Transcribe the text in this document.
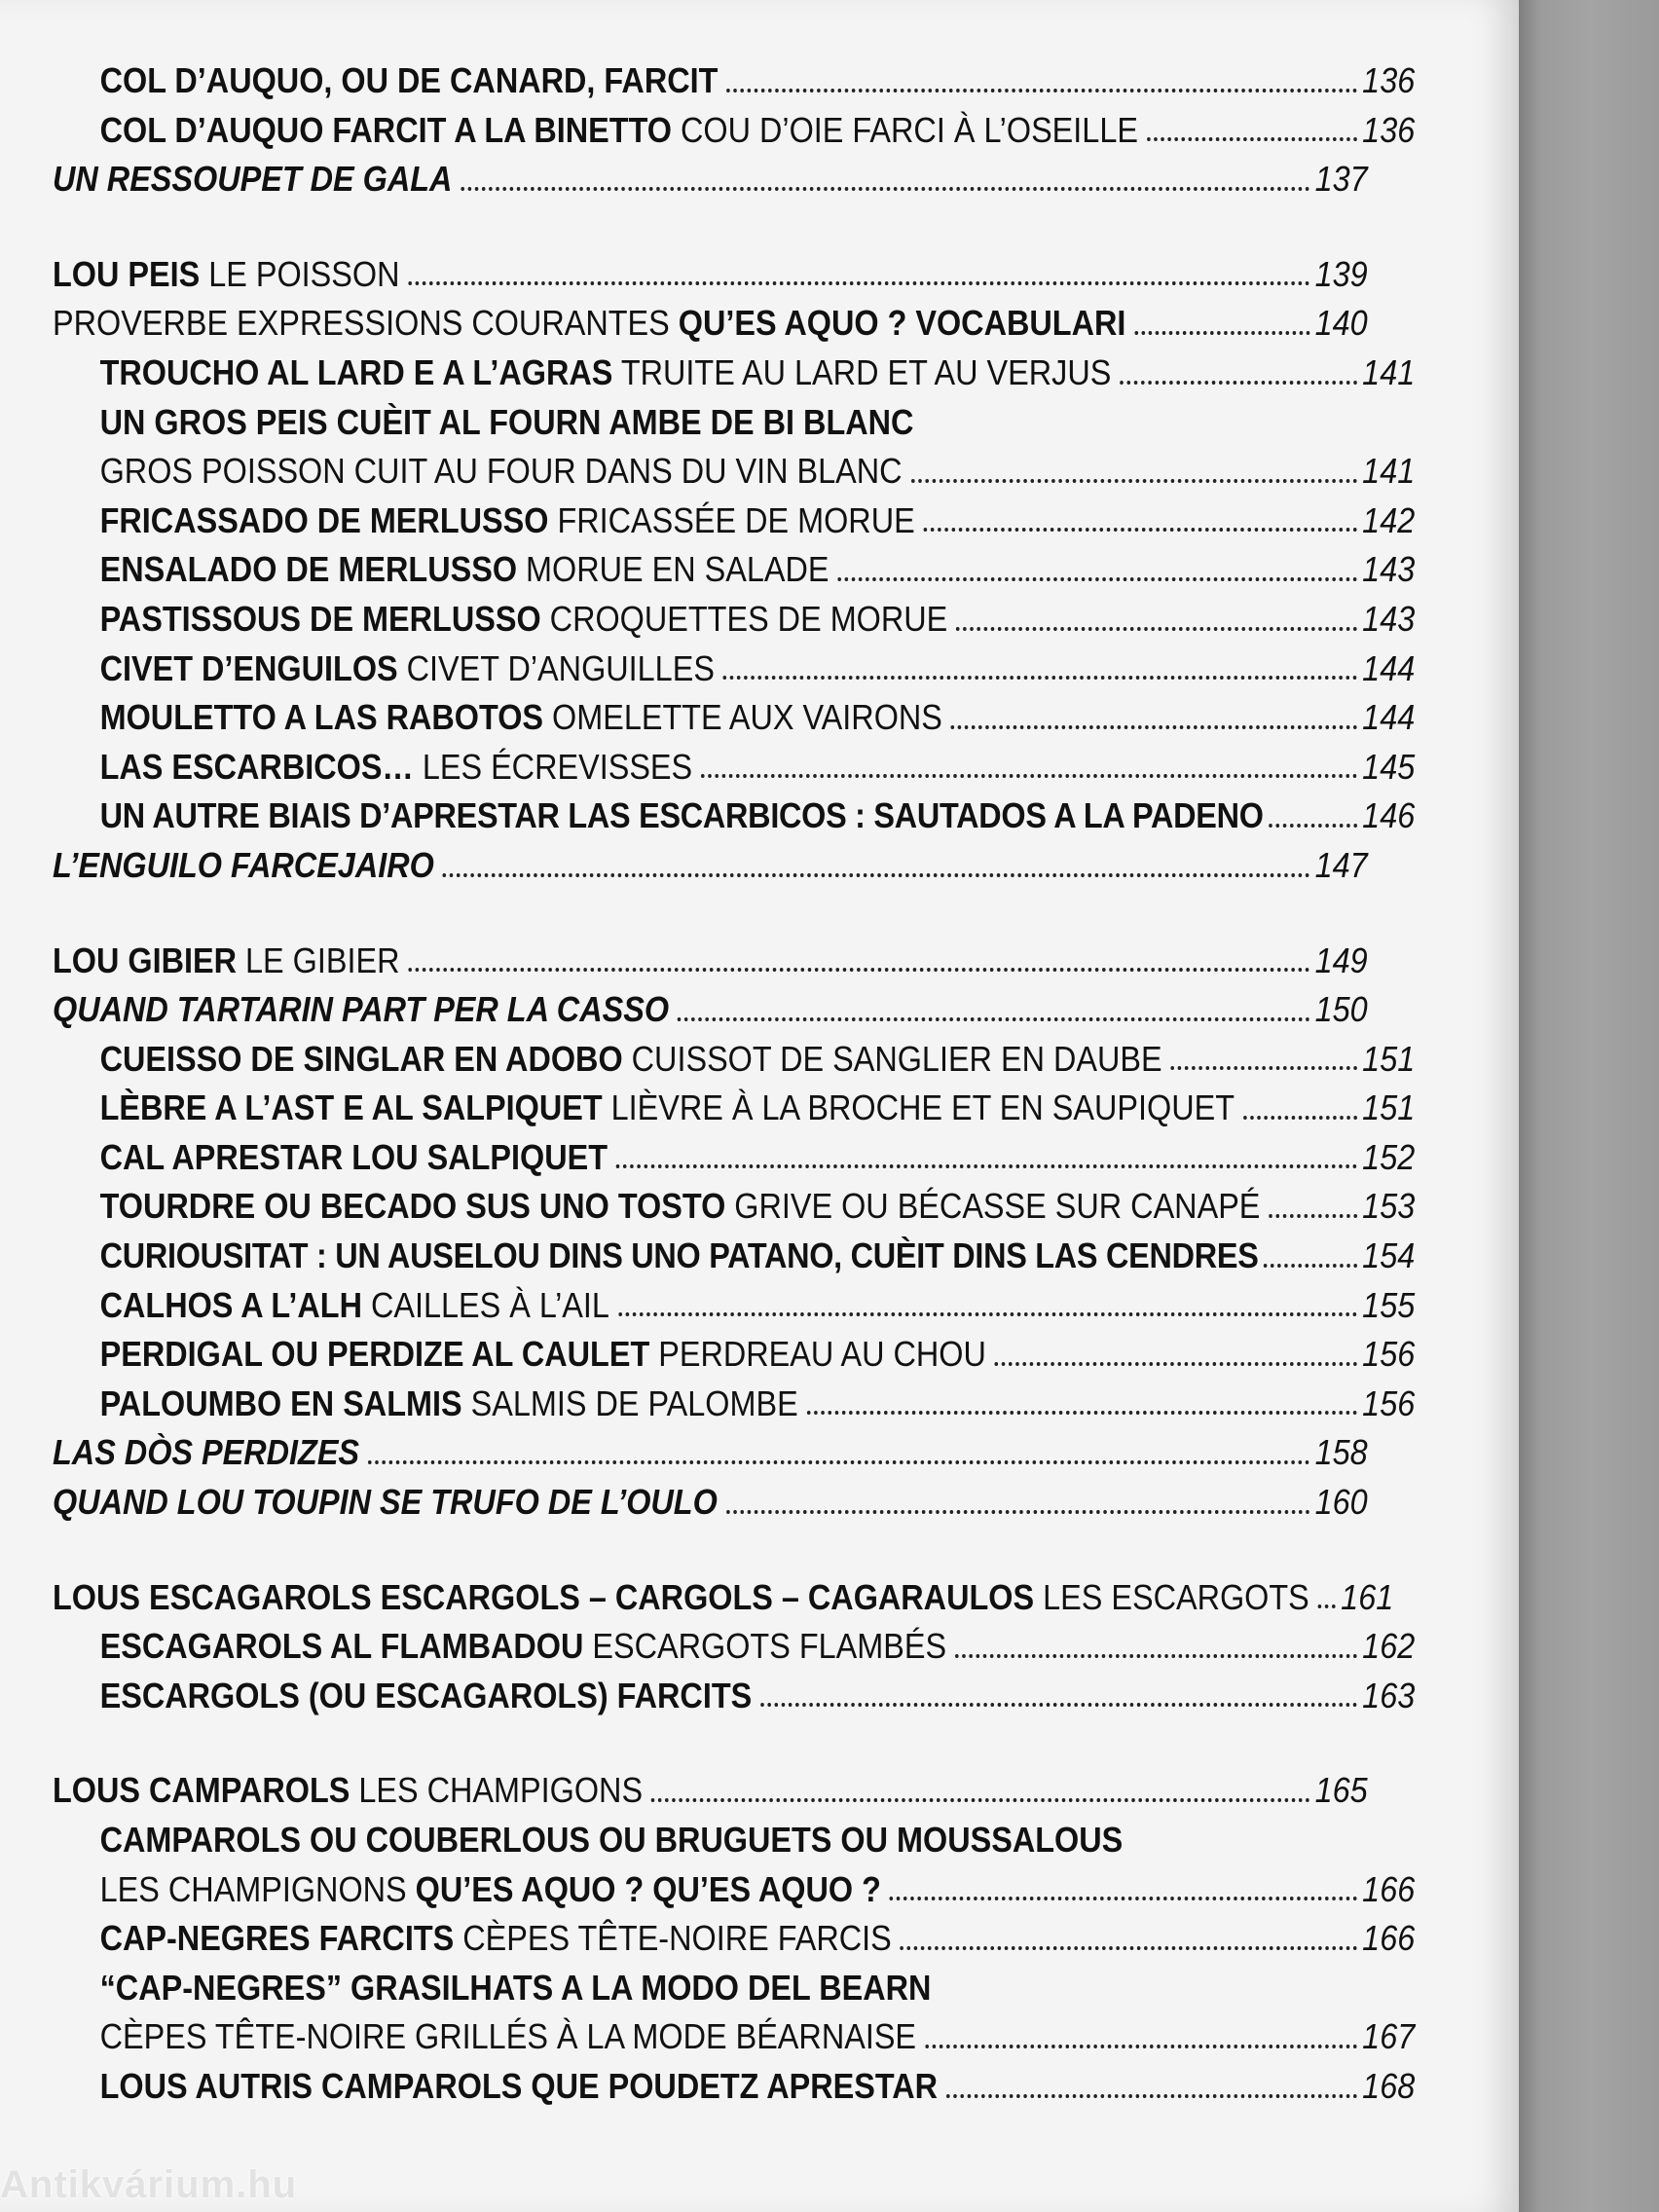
COL D’AUQUO, OU DE CANARD, FARCIT	136
COL D’AUQUO FARCIT A LA BINETTO COU D’OIE FARCI À L’OSEILLE	136
UN RESSOUPET DE GALA	137
LOU PEIS LE POISSON	139
PROVERBE EXPRESSIONS COURANTES QU’ES AQUO ? VOCABULARI	140
TROUCHO AL LARD E A L’AGRAS TRUITE AU LARD ET AU VERJUS	141
UN GROS PEIS CUÈIT AL FOURN AMBE DE BI BLANC
GROS POISSON CUIT AU FOUR DANS DU VIN BLANC	141
FRICASSADO DE MERLUSSO FRICASSÉE DE MORUE	142
ENSALADO DE MERLUSSO MORUE EN SALADE	143
PASTISSOUS DE MERLUSSO CROQUETTES DE MORUE	143
CIVET D’ENGUILOS CIVET D’ANGUILLES	144
MOULETTO A LAS RABOTOS OMELETTE AUX VAIRONS	144
LAS ESCARBICOS… LES ÉCREVISSES	145
UN AUTRE BIAIS D’APRESTAR LAS ESCARBICOS : SAUTADOS A LA PADENO	146
L’ENGUILO FARCEJAIRO	147
LOU GIBIER LE GIBIER	149
QUAND TARTARIN PART PER LA CASSO	150
CUEISSO DE SINGLAR EN ADOBO CUISSOT DE SANGLIER EN DAUBE	151
LÈBRE A L’AST E AL SALPIQUET LIÈVRE À LA BROCHE ET EN SAUPIQUET	151
CAL APRESTAR LOU SALPIQUET	152
TOURDRE OU BECADO SUS UNO TOSTO GRIVE OU BÉCASSE SUR CANAPÉ	153
CURIOUSITAT : UN AUSELOU DINS UNO PATANO, CUÈIT DINS LAS CENDRES	154
CALHOS A L’ALH CAILLES À L’AIL	155
PERDIGAL OU PERDIZE AL CAULET PERDREAU AU CHOU	156
PALOUMBO EN SALMIS SALMIS DE PALOMBE	156
LAS DÒS PERDIZES	158
QUAND LOU TOUPIN SE TRUFO DE L’OULO	160
LOUS ESCAGAROLS ESCARGOLS – CARGOLS – CAGARAULOS LES ESCARGOTS 161
ESCAGAROLS AL FLAMBADOU ESCARGOTS FLAMBÉS	162
ESCARGOLS (OU ESCAGAROLS) FARCITS	163
LOUS CAMPAROLS LES CHAMPIGONS	165
CAMPAROLS OU COUBERLOUS OU BRUGUETS OU MOUSSALOUS
LES CHAMPIGNONS QU’ES AQUO ? QU’ES AQUO ?	166
CAP-NEGRES FARCITS CÈPES TÊTE-NOIRE FARCIS	166
“CAP-NEGRES” GRASILHATS A LA MODO DEL BEARN
CÈPES TÊTE-NOIRE GRILLÉS À LA MODE BÉARNAISE	167
LOUS AUTRIS CAMPAROLS QUE POUDETZ APRESTAR	168
Antikvárium.hu
